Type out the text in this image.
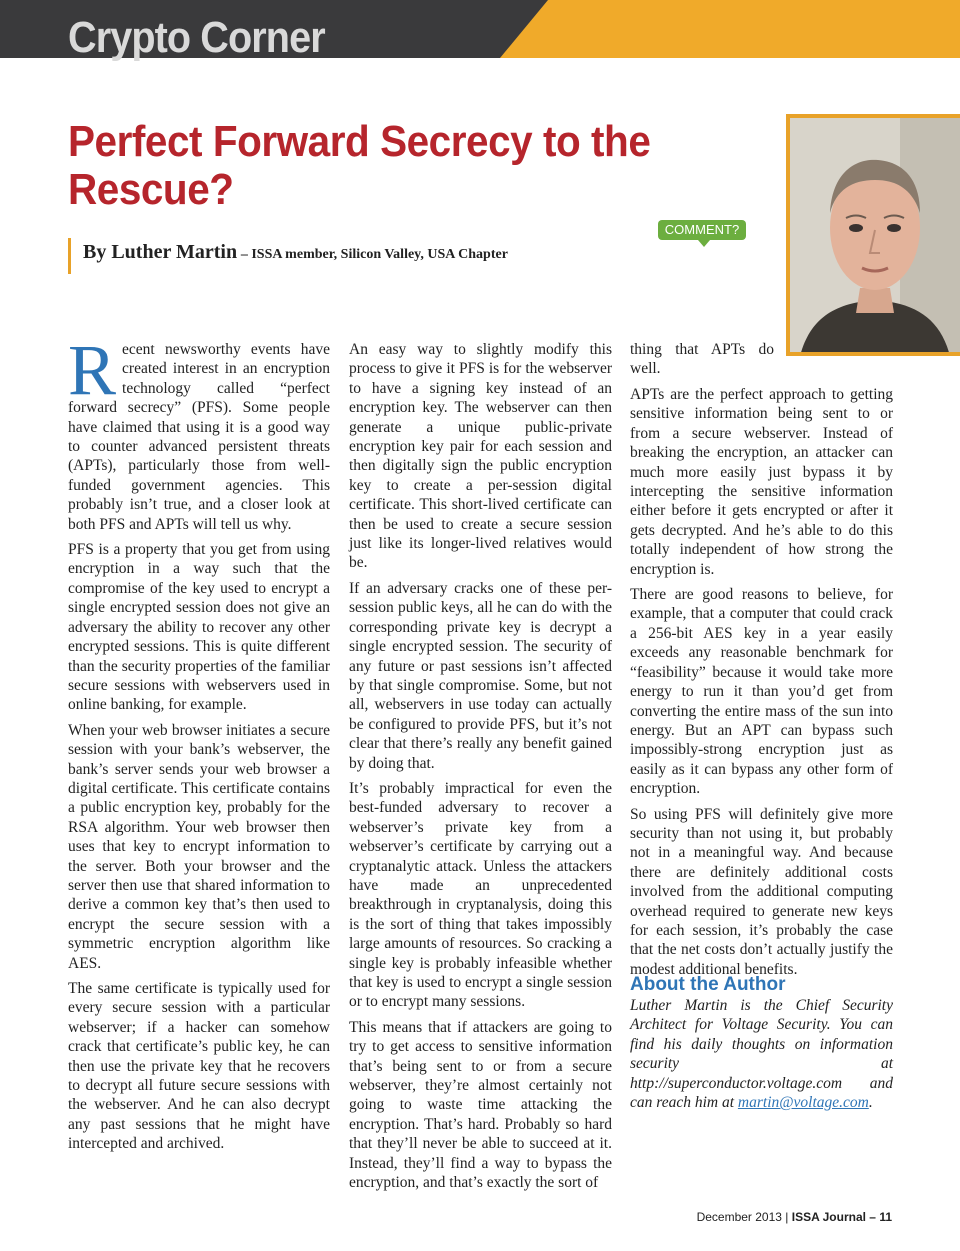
Crypto Corner
Perfect Forward Secrecy to the Rescue?
By Luther Martin – ISSA member, Silicon Valley, USA Chapter
COMMENT?

Recent newsworthy events have created interest in an encryption technology called “perfect forward secrecy” (PFS). Some people have claimed that using it is a good way to counter advanced persistent threats (APTs), particularly those from well-funded government agencies. This probably isn’t true, and a closer look at both PFS and APTs will tell us why.

PFS is a property that you get from using encryption in a way such that the compromise of the key used to encrypt a single encrypted session does not give an adversary the ability to recover any other encrypted sessions. This is quite different than the security properties of the familiar secure sessions with webservers used in online banking, for example.

When your web browser initiates a secure session with your bank’s webserver, the bank’s server sends your web browser a digital certificate. This certificate contains a public encryption key, probably for the RSA algorithm. Your web browser then uses that key to encrypt information to the server. Both your browser and the server then use that shared information to derive a common key that’s then used to encrypt the secure session with a symmetric encryption algorithm like AES.

The same certificate is typically used for every secure session with a particular webserver; if a hacker can somehow crack that certificate’s public key, he can then use the private key that he recovers to decrypt all future secure sessions with the webserver. And he can also decrypt any past sessions that he might have intercepted and archived.

An easy way to slightly modify this process to give it PFS is for the webserver to have a signing key instead of an encryption key. The webserver can then generate a unique public-private encryption key pair for each session and then digitally sign the public encryption key to create a per-session digital certificate. This short-lived certificate can then be used to create a secure session just like its longer-lived relatives would be.

If an adversary cracks one of these per-session public keys, all he can do with the corresponding private key is decrypt a single encrypted session. The security of any future or past sessions isn’t affected by that single compromise. Some, but not all, webservers in use today can actually be configured to provide PFS, but it’s not clear that there’s really any benefit gained by doing that.

It’s probably impractical for even the best-funded adversary to recover a webserver’s private key from a webserver’s certificate by carrying out a cryptanalytic attack. Unless the attackers have made an unprecedented breakthrough in cryptanalysis, doing this is the sort of thing that takes impossibly large amounts of resources. So cracking a single key is probably infeasible whether that key is used to encrypt a single session or to encrypt many sessions.

This means that if attackers are going to try to get access to sensitive information that’s being sent to or from a secure webserver, they’re almost certainly not going to waste time attacking the encryption. That’s hard. Probably so hard that they’ll never be able to succeed at it. Instead, they’ll find a way to bypass the encryption, and that’s exactly the sort of

thing that APTs do well.

APTs are the perfect approach to getting sensitive information being sent to or from a secure webserver. Instead of breaking the encryption, an attacker can much more easily just bypass it by intercepting the sensitive information either before it gets encrypted or after it gets decrypted. And he’s able to do this totally independent of how strong the encryption is.

There are good reasons to believe, for example, that a computer that could crack a 256-bit AES key in a year easily exceeds any reasonable benchmark for “feasibility” because it would take more energy to run it than you’d get from converting the entire mass of the sun into energy. But an APT can bypass such impossibly-strong encryption just as easily as it can bypass any other form of encryption.

So using PFS will definitely give more security than not using it, but probably not in a meaningful way. And because there are definitely additional costs involved from the additional computing overhead required to generate new keys for each session, it’s probably the case that the net costs don’t actually justify the modest additional benefits.

About the Author

Luther Martin is the Chief Security Architect for Voltage Security. You can find his daily thoughts on information security at http://superconductor.voltage.com and can reach him at martin@voltage.com.

December 2013 | ISSA Journal – 11
